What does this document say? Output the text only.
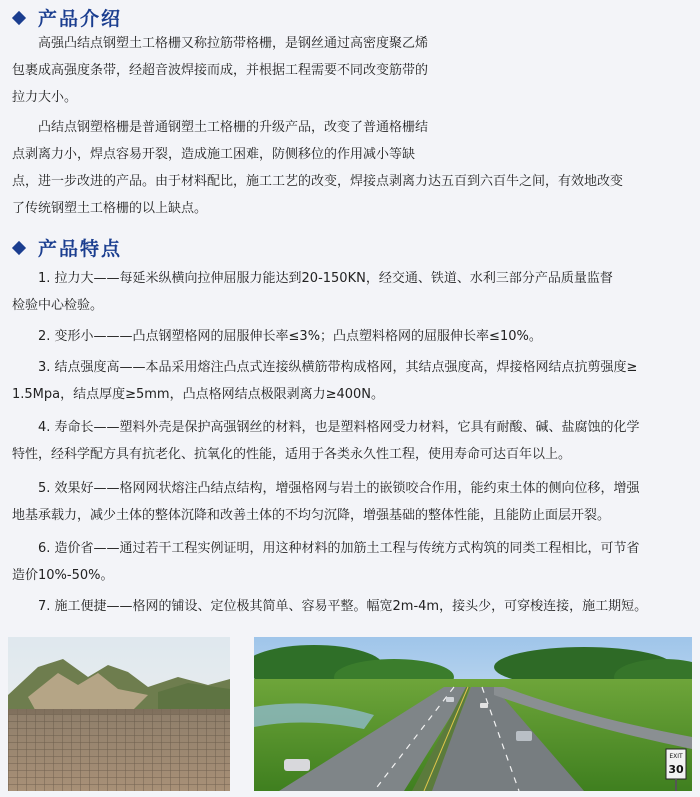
产品介绍
高强凸结点钢塑土工格栅又称拉筋带格栅，是钢丝通过高密度聚乙烯
包裹成高强度条带，经超音波焊接而成，并根据工程需要不同改变筋带的
拉力大小。
凸结点钢塑格栅是普通钢塑土工格栅的升级产品，改变了普通格栅结
点剥离力小，焊点容易开裂，造成施工困难，防侧移位的作用减小等缺
点，进一步改进的产品。由于材料配比，施工工艺的改变，焊接点剥离力达五百到六百牛之间，有效地改变
了传统钢塑土工格栅的以上缺点。
产品特点
1. 拉力大——每延米纵横向拉伸屈服力能达到20-150KN，经交通、铁道、水利三部分产品质量监督
检验中心检验。
2. 变形小———凸点钢塑格网的屈服伸长率≤3%；凸点塑料格网的屈服伸长率≤10%。
3. 结点强度高——本品采用熔注凸点式连接纵横筋带构成格网，其结点强度高，焊接格网结点抗剪强度≥
1.5Mpa，结点厚度≥5mm，凸点格网结点极限剥离力≥400N。
4. 寿命长——塑料外壳是保护高强钢丝的材料，也是塑料格网受力材料，它具有耐酸、碱、盐腐蚀的化学
特性，经科学配方具有抗老化、抗氧化的性能，适用于各类永久性工程，使用寿命可达百年以上。
5. 效果好——格网网状熔注凸结点结构，增强格网与岩土的嵌锁咬合作用，能约束土体的侧向位移，增强
地基承载力，减少土体的整体沉降和改善土体的不均匀沉降，增强基础的整体性能，且能防止面层开裂。
6. 造价省——通过若干工程实例证明，用这种材料的加筋土工程与传统方式构筑的同类工程相比，可节省
造价10%-50%。
7. 施工便捷——格网的铺设、定位极其简单、容易平整。幅宽2m-4m，接头少，可穿梭连接，施工期短。
EXIT
30
